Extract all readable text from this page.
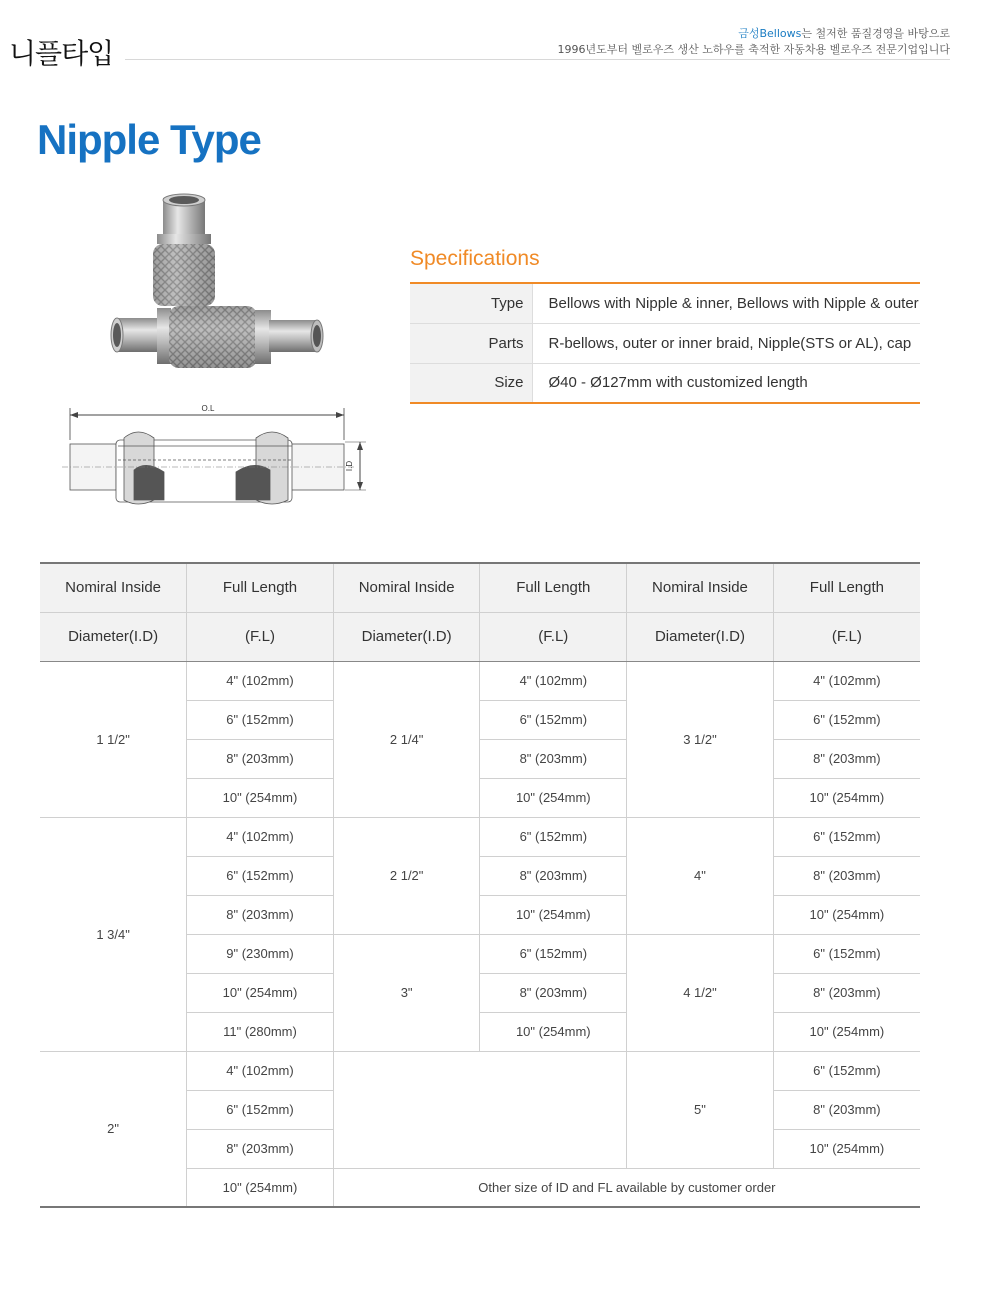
니플타입
금성Bellows는 철저한 품질경영을 바탕으로
1996년도부터 벨로우즈 생산 노하우를 축적한 자동차용 벨로우즈 전문기업입니다
Nipple Type
O.L
I.D
Specifications
Type	Bellows with Nipple & inner, Bellows with Nipple & outer
Parts	R-bellows, outer or inner braid, Nipple(STS or AL), cap
Size	Ø40 - Ø127mm with customized length
Nomiral Inside	Full Length	Nomiral Inside	Full Length	Nomiral Inside	Full Length
Diameter(I.D)	(F.L)	Diameter(I.D)	(F.L)	Diameter(I.D)	(F.L)
1 1/2"	4" (102mm)	2 1/4"	4" (102mm)	3 1/2"	4" (102mm)
	6" (152mm)		6" (152mm)		6" (152mm)
	8" (203mm)		8" (203mm)		8" (203mm)
	10" (254mm)		10" (254mm)		10" (254mm)
1 3/4"	4" (102mm)	2 1/2"	6" (152mm)	4"	6" (152mm)
	6" (152mm)		8" (203mm)		8" (203mm)
	8" (203mm)		10" (254mm)		10" (254mm)
	9" (230mm)	3"	6" (152mm)	4 1/2"	6" (152mm)
	10" (254mm)		8" (203mm)		8" (203mm)
	11" (280mm)		10" (254mm)		10" (254mm)
2"	4" (102mm)			5"	6" (152mm)
	6" (152mm)				8" (203mm)
	8" (203mm)				10" (254mm)
	10" (254mm)	Other size of ID and FL available by customer order			
